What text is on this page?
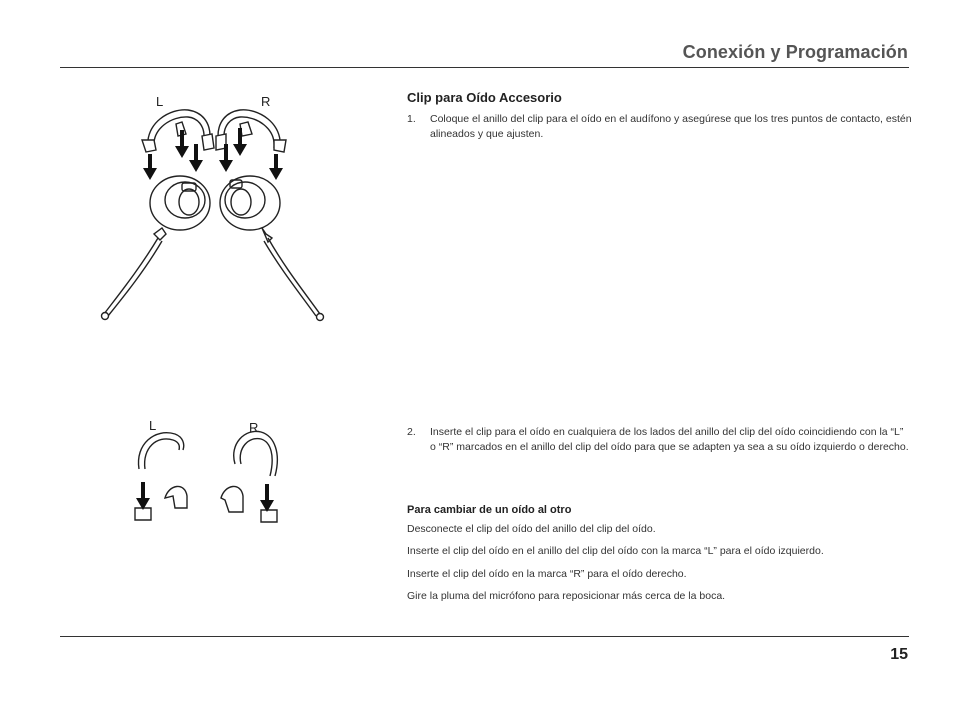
Conexión y Programación
L	R
L	R
Clip para Oído Accesorio
1. Coloque el anillo del clip para el oído en el audífono y asegúrese que los tres puntos de contacto, estén alineados y que ajusten.
2. Inserte el clip para el oído en cualquiera de los lados del anillo del clip del oído coincidiendo con la “L” o “R” marcados en el anillo del clip del oído para que se adapten ya sea a su oído izquierdo o derecho.
Para cambiar de un oído al otro

Desconecte el clip del oído del anillo del clip del oído.

Inserte el clip del oído en el anillo del clip del oído con la marca “L” para el oído izquierdo.

Inserte el clip del oído en la marca “R” para el oído derecho.

Gire la pluma del micrófono para reposicionar más cerca de la boca.

15
